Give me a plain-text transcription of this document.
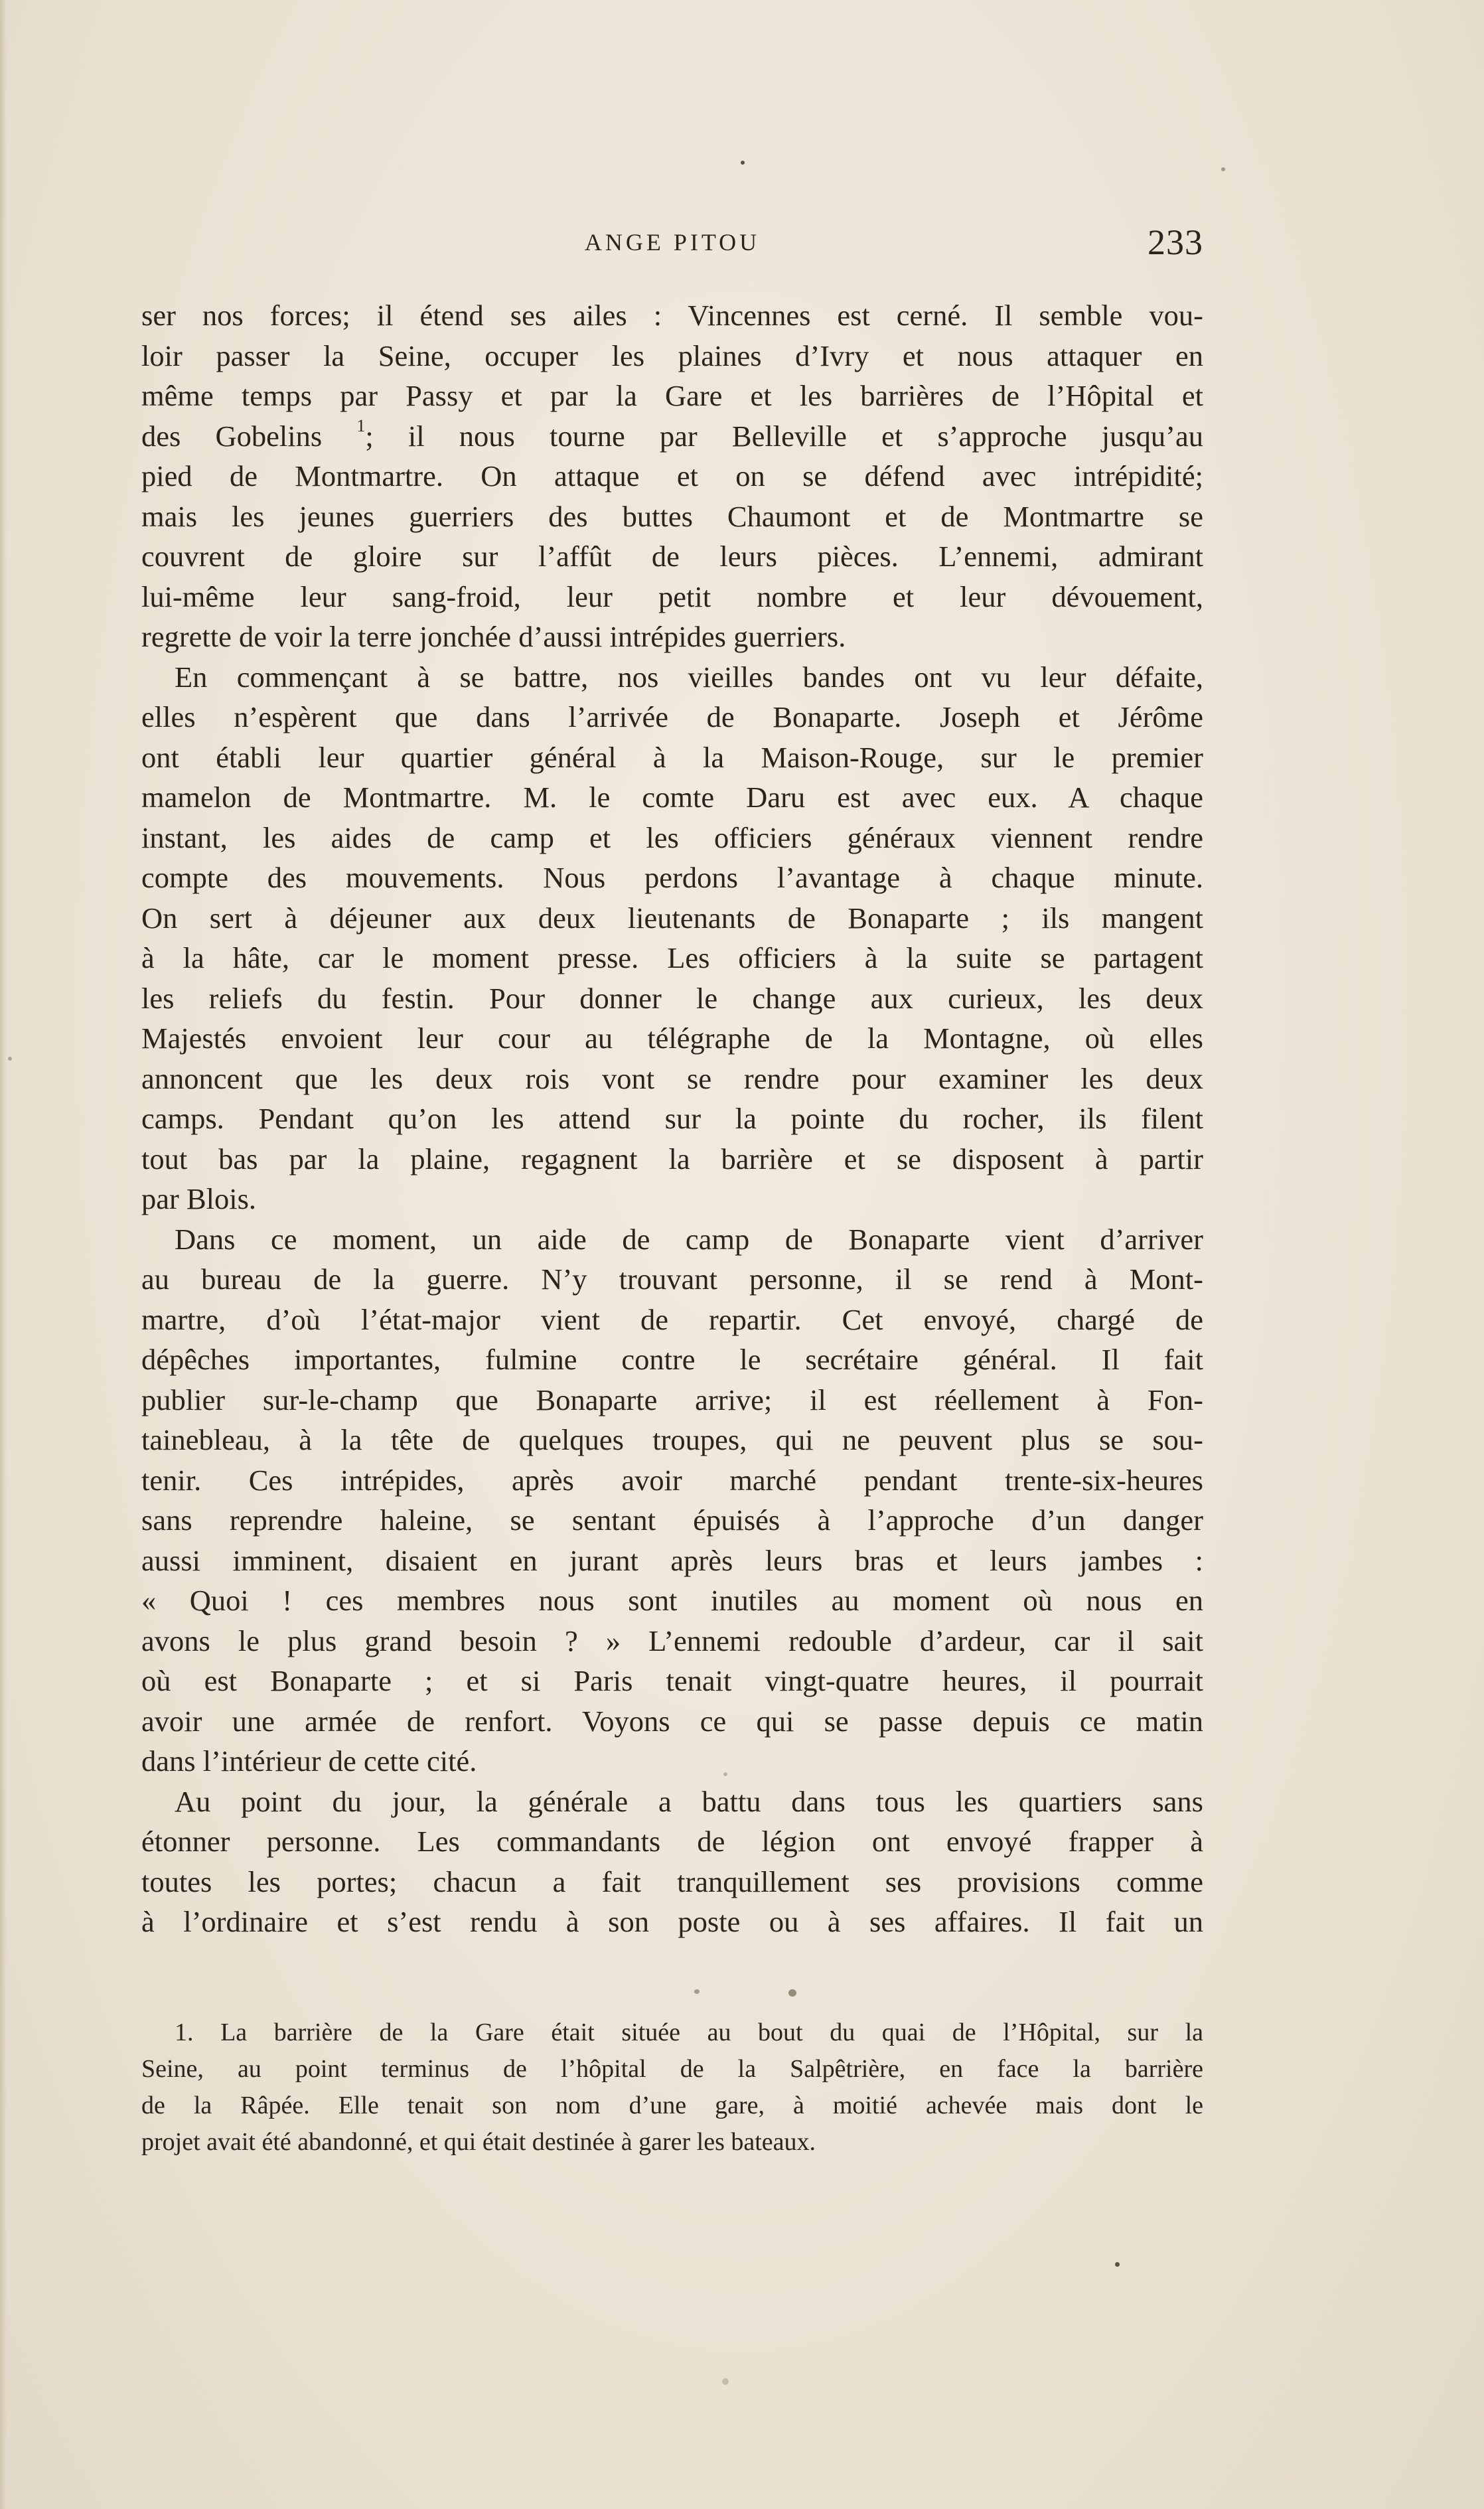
ANGE PITOU	233
ser nos forces; il étend ses ailes : Vincennes est cerné. Il semble vou-
loir passer la Seine, occuper les plaines d’Ivry et nous attaquer en
même temps par Passy et par la Gare et les barrières de l’Hôpital et
des Gobelins $^1$; il nous tourne par Belleville et s’approche jusqu’au
pied de Montmartre. On attaque et on se défend avec intrépidité;
mais les jeunes guerriers des buttes Chaumont et de Montmartre se
couvrent de gloire sur l’affût de leurs pièces. L’ennemi, admirant
lui-même leur sang-froid, leur petit nombre et leur dévouement,
regrette de voir la terre jonchée d’aussi intrépides guerriers.
En commençant à se battre, nos vieilles bandes ont vu leur défaite,
elles n’espèrent que dans l’arrivée de Bonaparte. Joseph et Jérôme
ont établi leur quartier général à la Maison-Rouge, sur le premier
mamelon de Montmartre. M. le comte Daru est avec eux. A chaque
instant, les aides de camp et les officiers généraux viennent rendre
compte des mouvements. Nous perdons l’avantage à chaque minute.
On sert à déjeuner aux deux lieutenants de Bonaparte ; ils mangent
à la hâte, car le moment presse. Les officiers à la suite se partagent
les reliefs du festin. Pour donner le change aux curieux, les deux
Majestés envoient leur cour au télégraphe de la Montagne, où elles
annoncent que les deux rois vont se rendre pour examiner les deux
camps. Pendant qu’on les attend sur la pointe du rocher, ils filent
tout bas par la plaine, regagnent la barrière et se disposent à partir
par Blois.
Dans ce moment, un aide de camp de Bonaparte vient d’arriver
au bureau de la guerre. N’y trouvant personne, il se rend à Mont-
martre, d’où l’état-major vient de repartir. Cet envoyé, chargé de
dépêches importantes, fulmine contre le secrétaire général. Il fait
publier sur-le-champ que Bonaparte arrive; il est réellement à Fon-
tainebleau, à la tête de quelques troupes, qui ne peuvent plus se sou-
tenir. Ces intrépides, après avoir marché pendant trente-six-heures
sans reprendre haleine, se sentant épuisés à l’approche d’un danger
aussi imminent, disaient en jurant après leurs bras et leurs jambes :
« Quoi ! ces membres nous sont inutiles au moment où nous en
avons le plus grand besoin ? » L’ennemi redouble d’ardeur, car il sait
où est Bonaparte ; et si Paris tenait vingt-quatre heures, il pourrait
avoir une armée de renfort. Voyons ce qui se passe depuis ce matin
dans l’intérieur de cette cité.
Au point du jour, la générale a battu dans tous les quartiers sans
étonner personne. Les commandants de légion ont envoyé frapper à
toutes les portes; chacun a fait tranquillement ses provisions comme
à l’ordinaire et s’est rendu à son poste ou à ses affaires. Il fait un
1. La barrière de la Gare était située au bout du quai de l’Hôpital, sur la
Seine, au point terminus de l’hôpital de la Salpêtrière, en face la barrière
de la Râpée. Elle tenait son nom d’une gare, à moitié achevée mais dont le
projet avait été abandonné, et qui était destinée à garer les bateaux.
